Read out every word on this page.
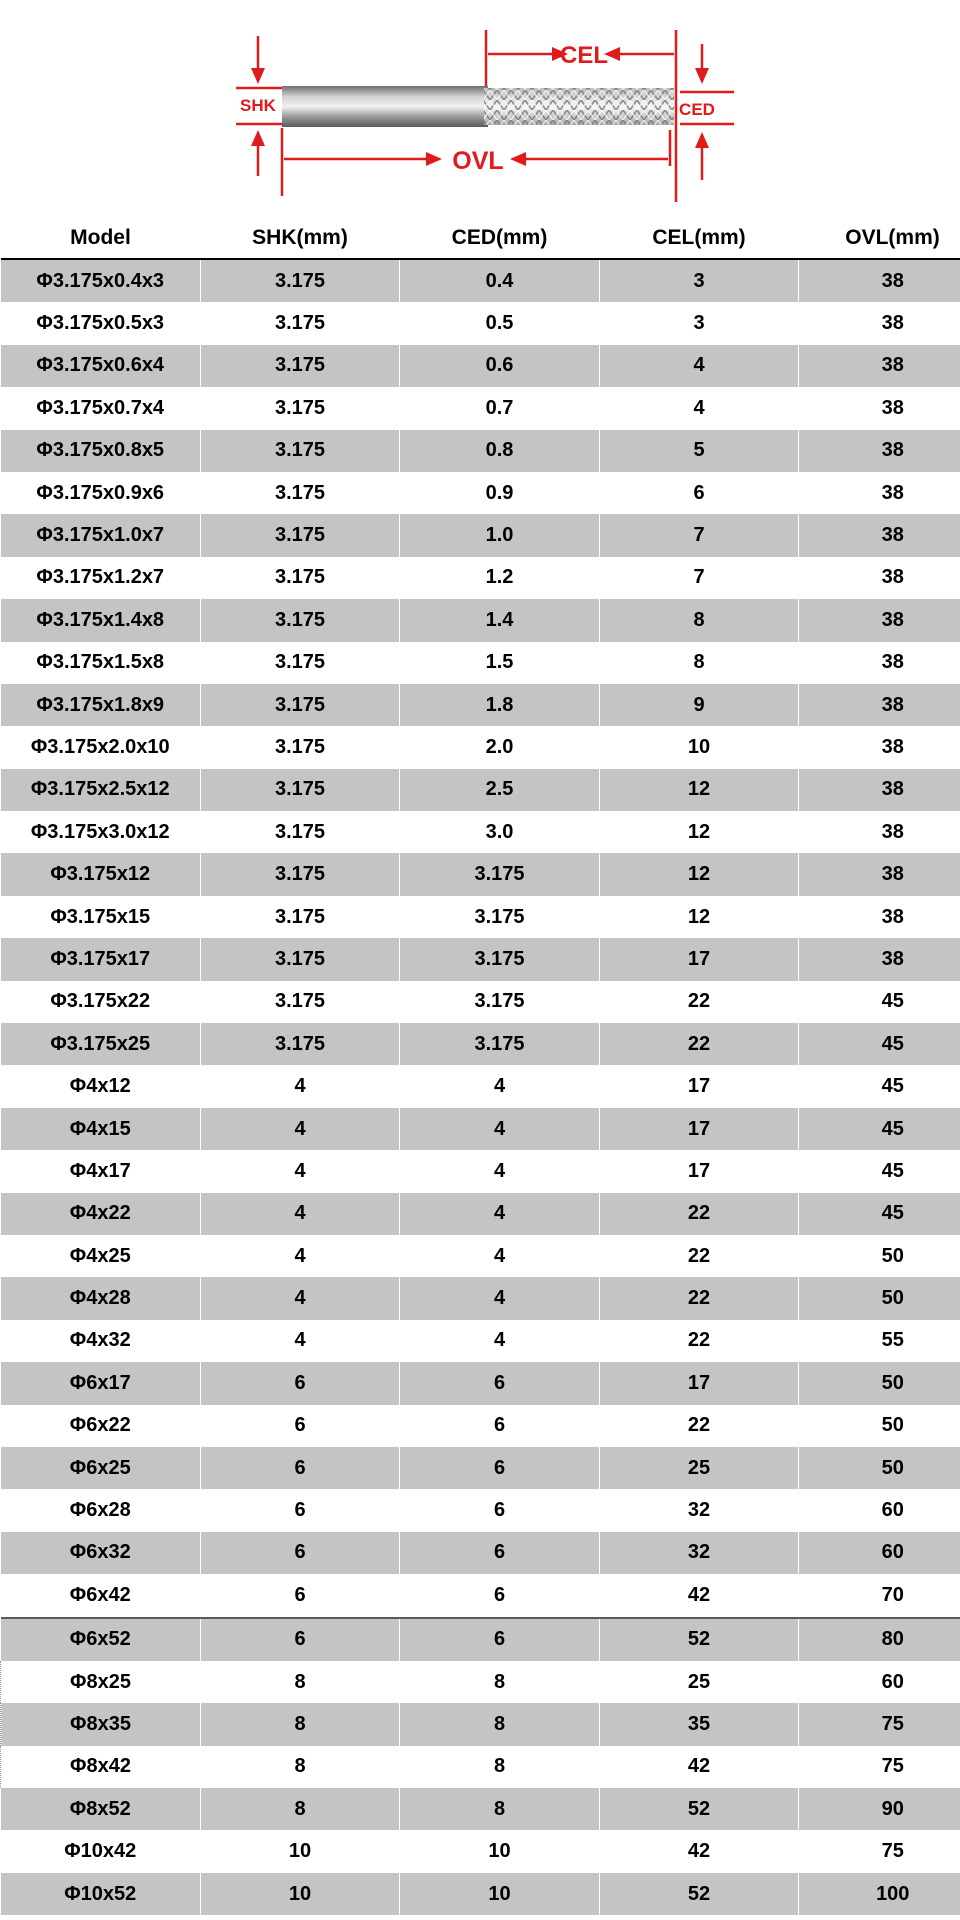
CEL
SHK	CED
OVL
Model	SHK(mm)	CED(mm)	CEL(mm)	OVL(mm)
Φ3.175x0.4x3	3.175	0.4	3	38
Φ3.175x0.5x3	3.175	0.5	3	38
Φ3.175x0.6x4	3.175	0.6	4	38
Φ3.175x0.7x4	3.175	0.7	4	38
Φ3.175x0.8x5	3.175	0.8	5	38
Φ3.175x0.9x6	3.175	0.9	6	38
Φ3.175x1.0x7	3.175	1.0	7	38
Φ3.175x1.2x7	3.175	1.2	7	38
Φ3.175x1.4x8	3.175	1.4	8	38
Φ3.175x1.5x8	3.175	1.5	8	38
Φ3.175x1.8x9	3.175	1.8	9	38
Φ3.175x2.0x10	3.175	2.0	10	38
Φ3.175x2.5x12	3.175	2.5	12	38
Φ3.175x3.0x12	3.175	3.0	12	38
Φ3.175x12	3.175	3.175	12	38
Φ3.175x15	3.175	3.175	12	38
Φ3.175x17	3.175	3.175	17	38
Φ3.175x22	3.175	3.175	22	45
Φ3.175x25	3.175	3.175	22	45
Φ4x12	4	4	17	45
Φ4x15	4	4	17	45
Φ4x17	4	4	17	45
Φ4x22	4	4	22	45
Φ4x25	4	4	22	50
Φ4x28	4	4	22	50
Φ4x32	4	4	22	55
Φ6x17	6	6	17	50
Φ6x22	6	6	22	50
Φ6x25	6	6	25	50
Φ6x28	6	6	32	60
Φ6x32	6	6	32	60
Φ6x42	6	6	42	70
Φ6x52	6	6	52	80
Φ8x25	8	8	25	60
Φ8x35	8	8	35	75
Φ8x42	8	8	42	75
Φ8x52	8	8	52	90
Φ10x42	10	10	42	75
Φ10x52	10	10	52	100
